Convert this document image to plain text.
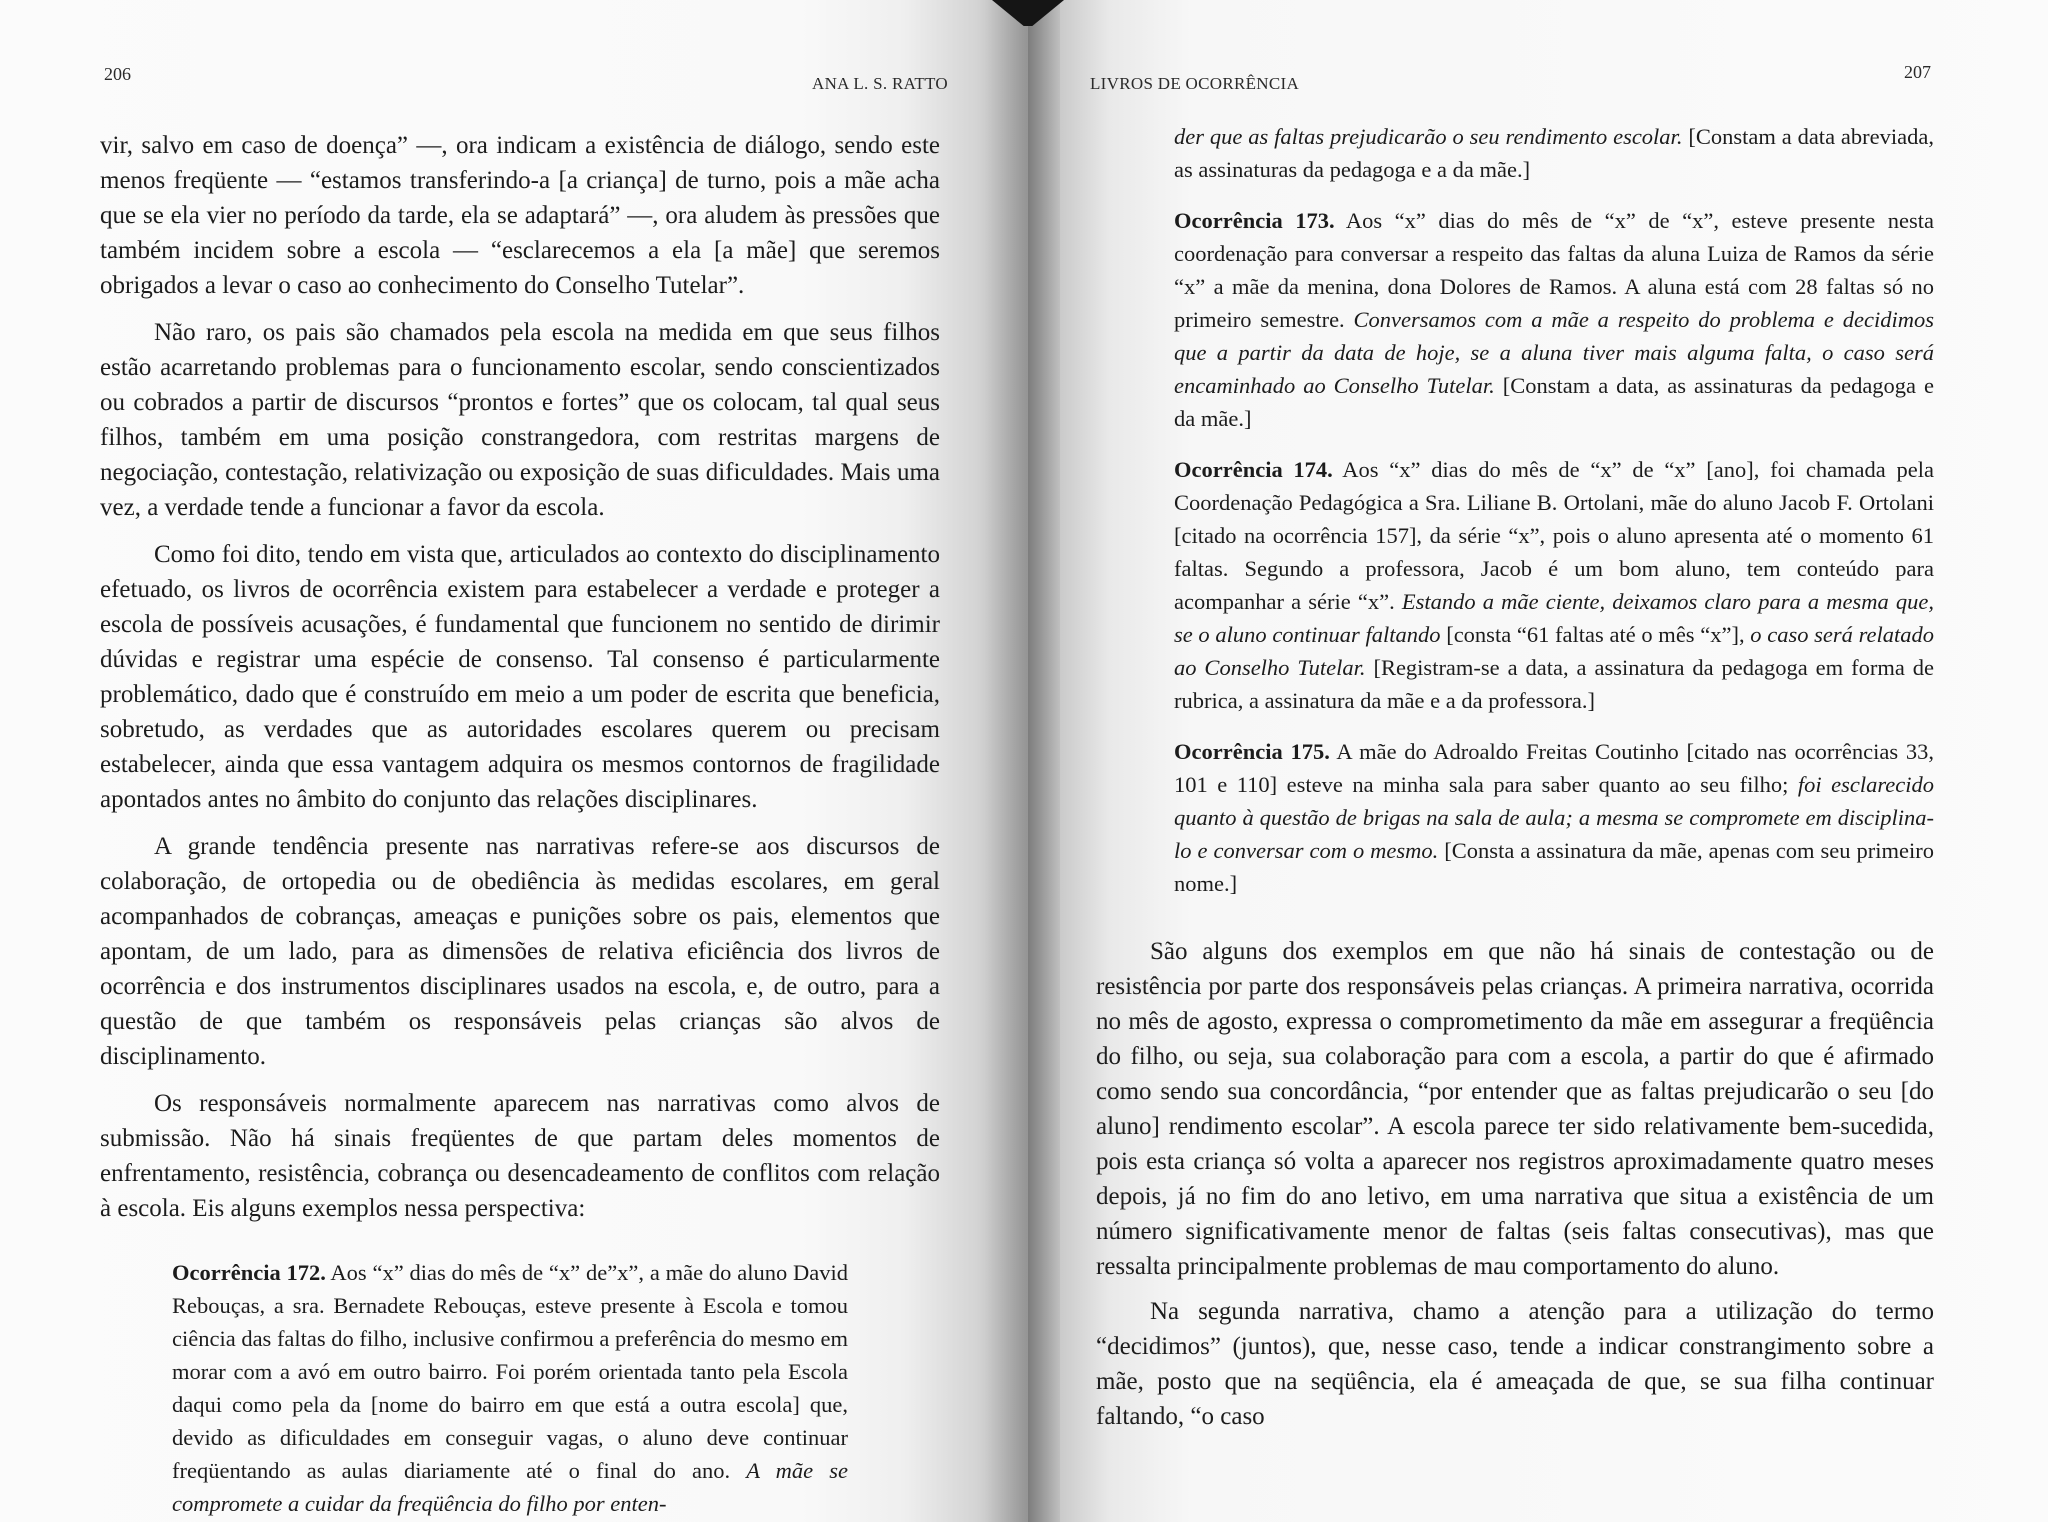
206	ANA L. S. RATTO

vir, salvo em caso de doença” —, ora indicam a existência de diálogo, sendo este menos freqüente — “estamos transferindo-a [a criança] de turno, pois a mãe acha que se ela vier no período da tarde, ela se adaptará” —, ora aludem às pressões que também incidem sobre a escola — “esclarecemos a ela [a mãe] que seremos obrigados a levar o caso ao conhecimento do Conselho Tutelar”.

Não raro, os pais são chamados pela escola na medida em que seus filhos estão acarretando problemas para o funcionamento escolar, sendo conscientizados ou cobrados a partir de discursos “prontos e fortes” que os colocam, tal qual seus filhos, também em uma posição constrangedora, com restritas margens de negociação, contestação, relativização ou exposição de suas dificuldades. Mais uma vez, a verdade tende a funcionar a favor da escola.

Como foi dito, tendo em vista que, articulados ao contexto do disciplinamento efetuado, os livros de ocorrência existem para estabelecer a verdade e proteger a escola de possíveis acusações, é fundamental que funcionem no sentido de dirimir dúvidas e registrar uma espécie de consenso. Tal consenso é particularmente problemático, dado que é construído em meio a um poder de escrita que beneficia, sobretudo, as verdades que as autoridades escolares querem ou precisam estabelecer, ainda que essa vantagem adquira os mesmos contornos de fragilidade apontados antes no âmbito do conjunto das relações disciplinares.

A grande tendência presente nas narrativas refere-se aos discursos de colaboração, de ortopedia ou de obediência às medidas escolares, em geral acompanhados de cobranças, ameaças e punições sobre os pais, elementos que apontam, de um lado, para as dimensões de relativa eficiência dos livros de ocorrência e dos instrumentos disciplinares usados na escola, e, de outro, para a questão de que também os responsáveis pelas crianças são alvos de disciplinamento.

Os responsáveis normalmente aparecem nas narrativas como alvos de submissão. Não há sinais freqüentes de que partam deles momentos de enfrentamento, resistência, cobrança ou desencadeamento de conflitos com relação à escola. Eis alguns exemplos nessa perspectiva:

Ocorrência 172. Aos “x” dias do mês de “x” de”x”, a mãe do aluno David Rebouças, a sra. Bernadete Rebouças, esteve presente à Escola e tomou ciência das faltas do filho, inclusive confirmou a preferência do mesmo em morar com a avó em outro bairro. Foi porém orientada tanto pela Escola daqui como pela da [nome do bairro em que está a outra escola] que, devido as dificuldades em conseguir vagas, o aluno deve continuar freqüentando as aulas diariamente até o final do ano. A mãe se compromete a cuidar da freqüência do filho por enten-

LIVROS DE OCORRÊNCIA
207

der que as faltas prejudicarão o seu rendimento escolar. [Constam a data abreviada, as assinaturas da pedagoga e a da mãe.]

Ocorrência 173. Aos “x” dias do mês de “x” de “x”, esteve presente nesta coordenação para conversar a respeito das faltas da aluna Luiza de Ramos da série “x” a mãe da menina, dona Dolores de Ramos. A aluna está com 28 faltas só no primeiro semestre. Conversamos com a mãe a respeito do problema e decidimos que a partir da data de hoje, se a aluna tiver mais alguma falta, o caso será encaminhado ao Conselho Tutelar. [Constam a data, as assinaturas da pedagoga e da mãe.]

Ocorrência 174. Aos “x” dias do mês de “x” de “x” [ano], foi chamada pela Coordenação Pedagógica a Sra. Liliane B. Ortolani, mãe do aluno Jacob F. Ortolani [citado na ocorrência 157], da série “x”, pois o aluno apresenta até o momento 61 faltas. Segundo a professora, Jacob é um bom aluno, tem conteúdo para acompanhar a série “x”. Estando a mãe ciente, deixamos claro para a mesma que, se o aluno continuar faltando [consta “61 faltas até o mês “x”], o caso será relatado ao Conselho Tutelar. [Registram-se a data, a assinatura da pedagoga em forma de rubrica, a assinatura da mãe e a da professora.]

Ocorrência 175. A mãe do Adroaldo Freitas Coutinho [citado nas ocorrências 33, 101 e 110] esteve na minha sala para saber quanto ao seu filho; foi esclarecido quanto à questão de brigas na sala de aula; a mesma se compromete em disciplina-lo e conversar com o mesmo. [Consta a assinatura da mãe, apenas com seu primeiro nome.]

São alguns dos exemplos em que não há sinais de contestação ou de resistência por parte dos responsáveis pelas crianças. A primeira narrativa, ocorrida no mês de agosto, expressa o comprometimento da mãe em assegurar a freqüência do filho, ou seja, sua colaboração para com a escola, a partir do que é afirmado como sendo sua concordância, “por entender que as faltas prejudicarão o seu [do aluno] rendimento escolar”. A escola parece ter sido relativamente bem-sucedida, pois esta criança só volta a aparecer nos registros aproximadamente quatro meses depois, já no fim do ano letivo, em uma narrativa que situa a existência de um número significativamente menor de faltas (seis faltas consecutivas), mas que ressalta principalmente problemas de mau comportamento do aluno.

Na segunda narrativa, chamo a atenção para a utilização do termo “decidimos” (juntos), que, nesse caso, tende a indicar constrangimento sobre a mãe, posto que na seqüência, ela é ameaçada de que, se sua filha continuar faltando, “o caso
